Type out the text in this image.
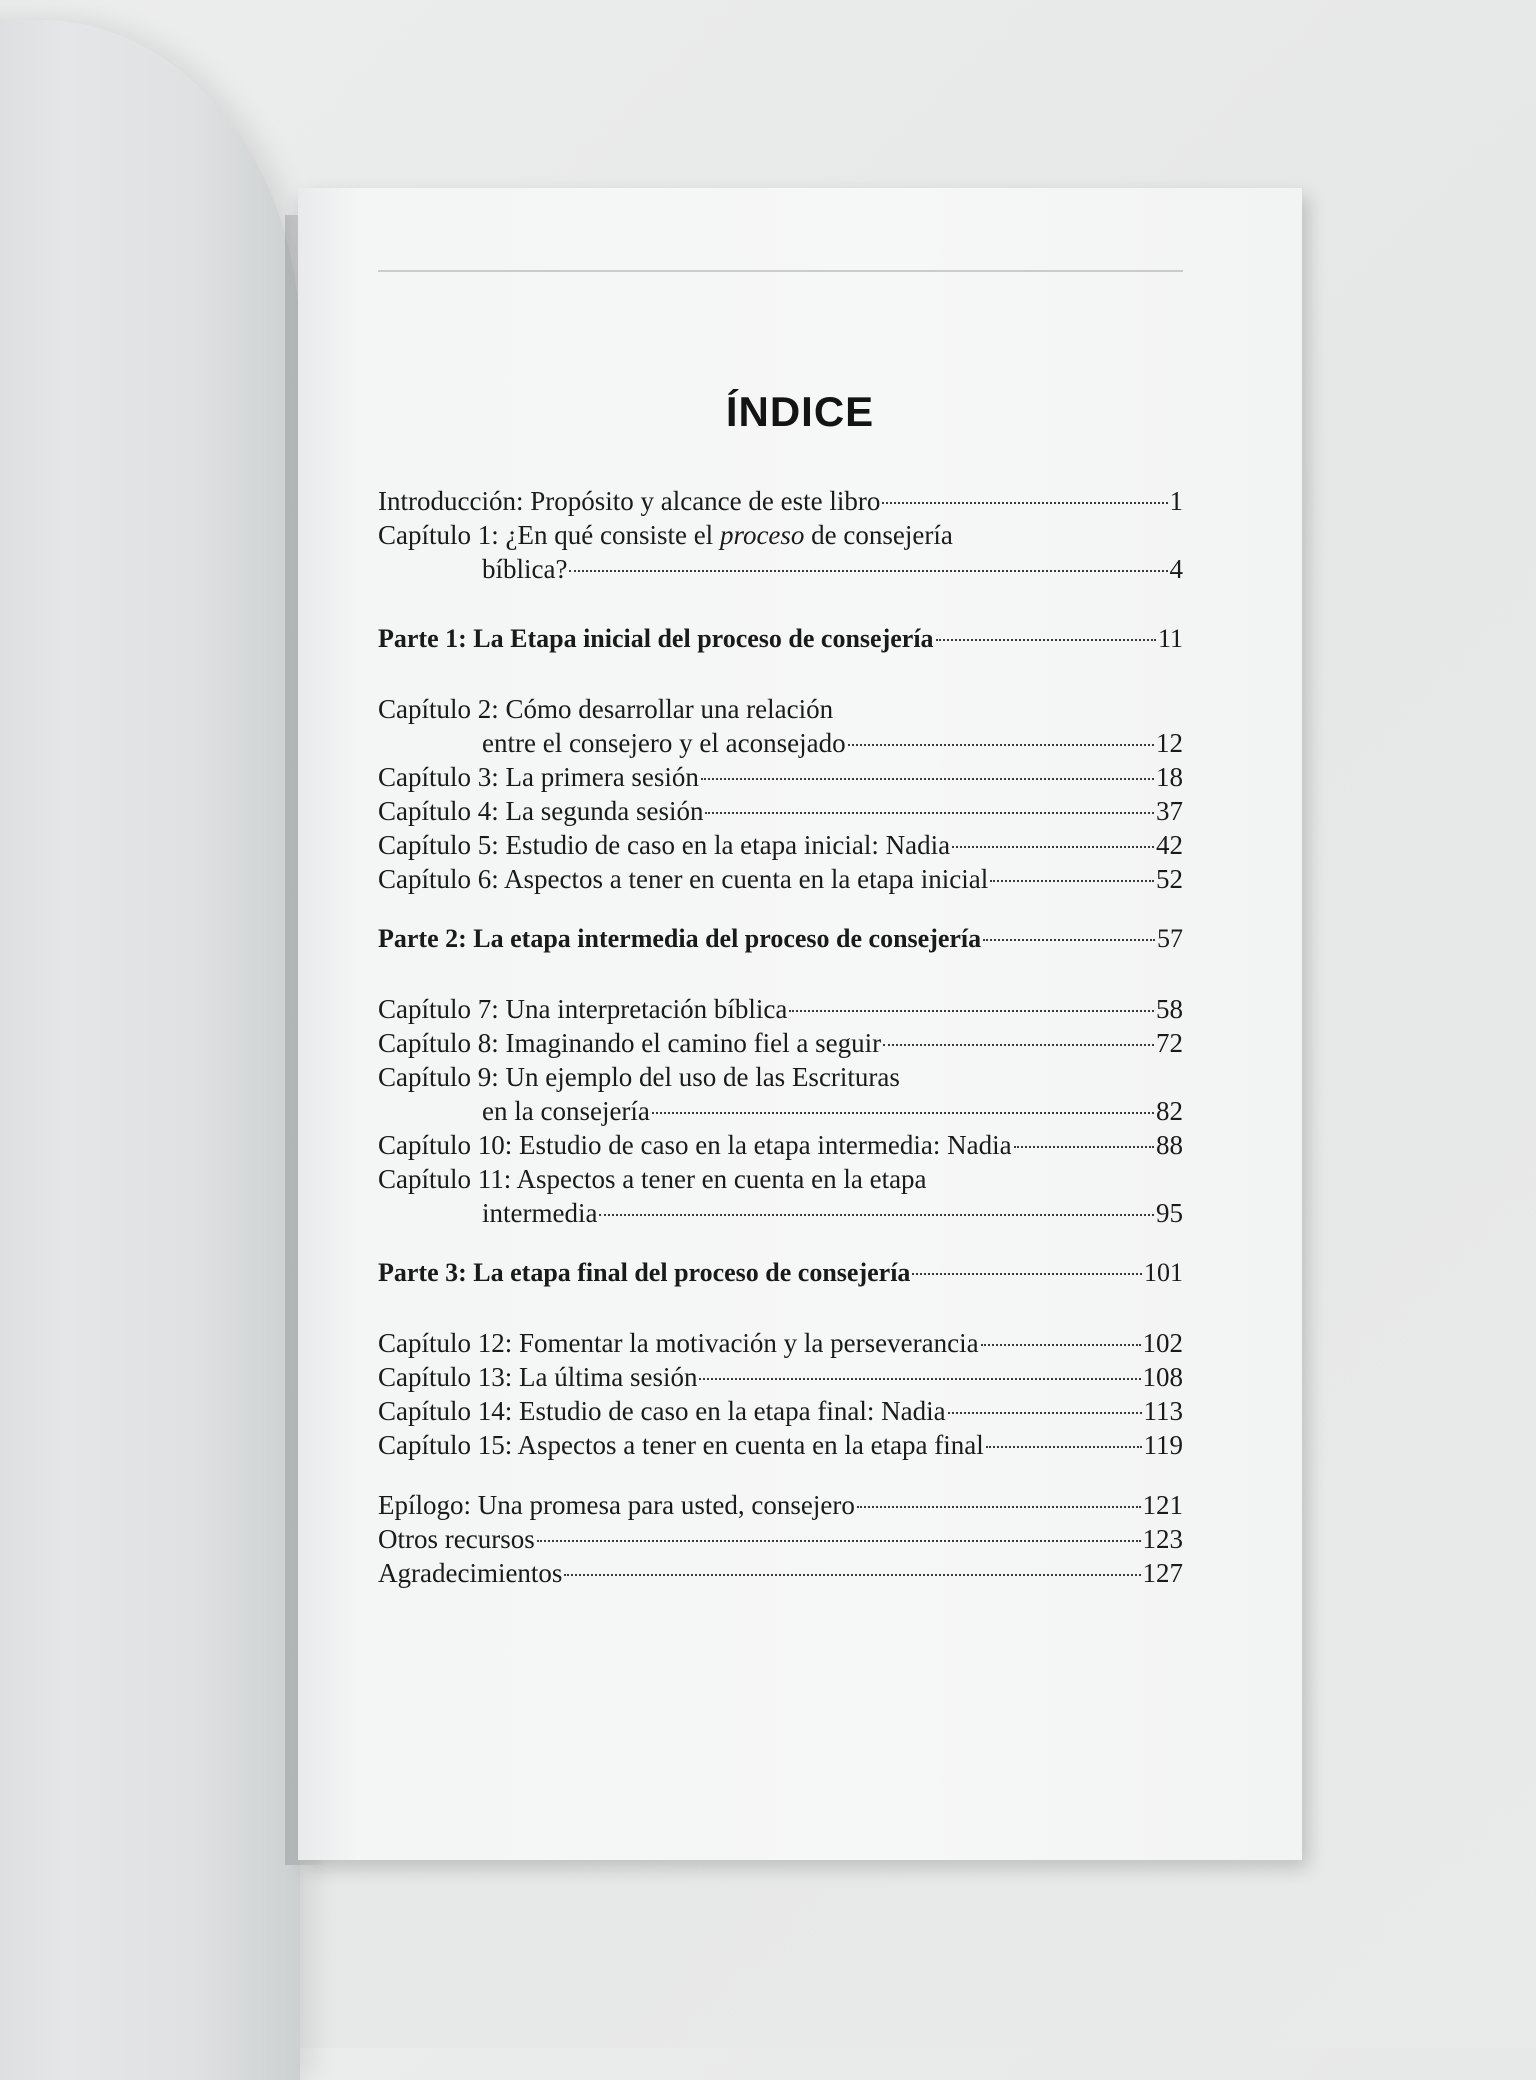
ÍNDICE
Introducción: Propósito y alcance de este libro	1
Capítulo 1: ¿En qué consiste el proceso de consejería
bíblica?	4
Parte 1: La Etapa inicial del proceso de consejería	11
Capítulo 2: Cómo desarrollar una relación
entre el consejero y el aconsejado	12
Capítulo 3: La primera sesión	18
Capítulo 4: La segunda sesión	37
Capítulo 5: Estudio de caso en la etapa inicial: Nadia	42
Capítulo 6: Aspectos a tener en cuenta en la etapa inicial	52
Parte 2: La etapa intermedia del proceso de consejería	57
Capítulo 7: Una interpretación bíblica	58
Capítulo 8: Imaginando el camino fiel a seguir	72
Capítulo 9: Un ejemplo del uso de las Escrituras
en la consejería	82
Capítulo 10: Estudio de caso en la etapa intermedia: Nadia	88
Capítulo 11: Aspectos a tener en cuenta en la etapa
intermedia	95
Parte 3: La etapa final del proceso de consejería	101
Capítulo 12: Fomentar la motivación y la perseverancia	102
Capítulo 13: La última sesión	108
Capítulo 14: Estudio de caso en la etapa final: Nadia	113
Capítulo 15: Aspectos a tener en cuenta en la etapa final	119
Epílogo: Una promesa para usted, consejero	121
Otros recursos	123
Agradecimientos	127
